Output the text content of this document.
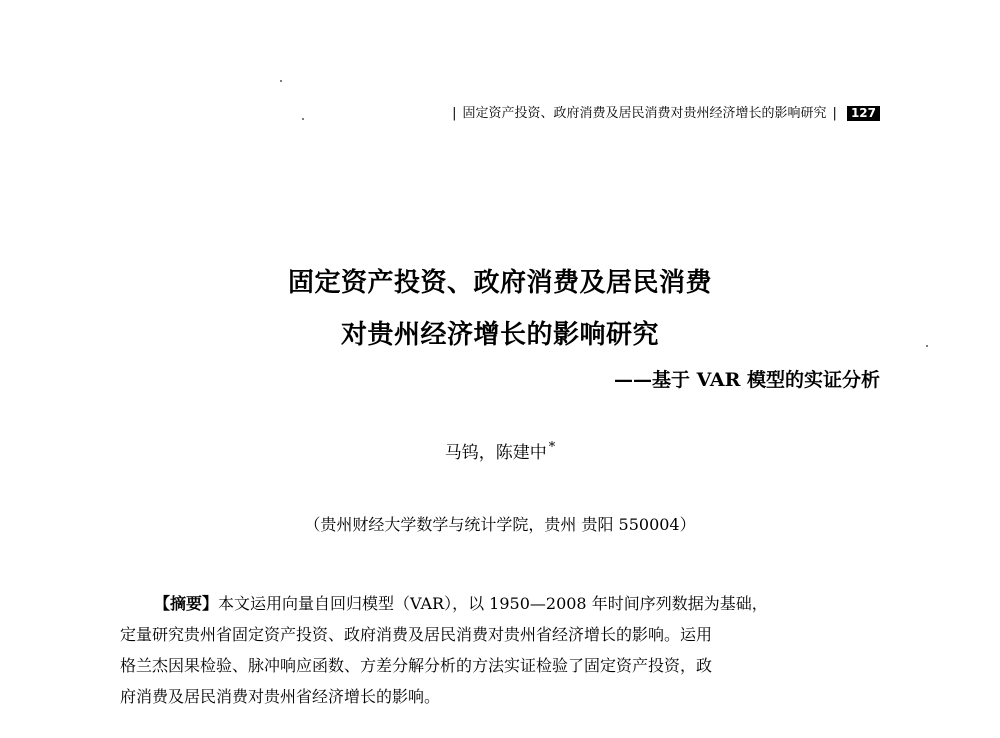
| 固定资产投资、政府消费及居民消费对贵州经济增长的影响研究 | 127
固定资产投资、政府消费及居民消费
对贵州经济增长的影响研究
——基于 VAR 模型的实证分析
马钨，陈建中 *
（贵州财经大学数学与统计学院，贵州 贵阳 550004）
【摘要】本文运用向量自回归模型（VAR），以 1950—2008 年时间序列数据为基础，
定量研究贵州省固定资产投资、政府消费及居民消费对贵州省经济增长的影响。运用
格兰杰因果检验、脉冲响应函数、方差分解分析的方法实证检验了固定资产投资，政
府消费及居民消费对贵州省经济增长的影响。
